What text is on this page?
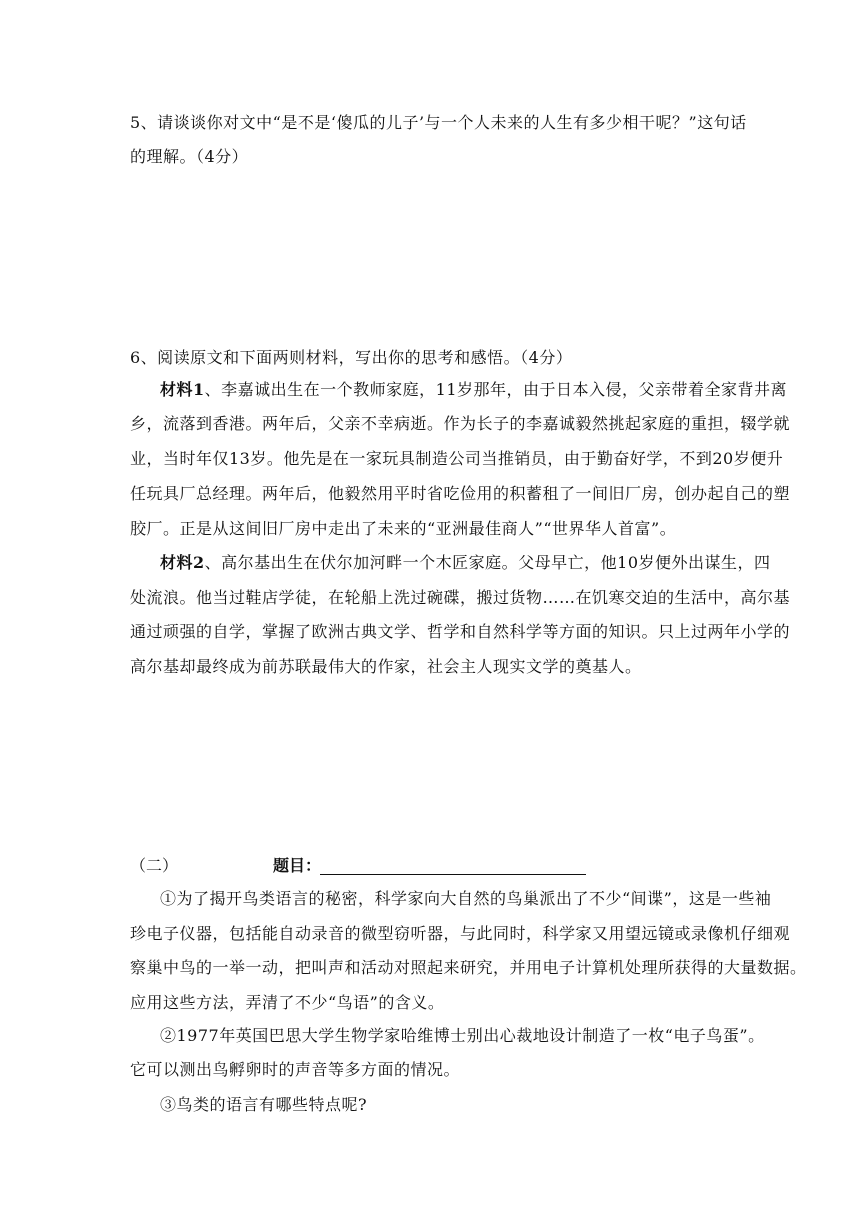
5、请谈谈你对文中“是不是‘傻瓜的儿子’与一个人未来的人生有多少相干呢？”这句话
的理解。（4分）
6、阅读原文和下面两则材料，写出你的思考和感悟。（4分）
材料1、李嘉诚出生在一个教师家庭，11岁那年，由于日本入侵，父亲带着全家背井离
乡，流落到香港。两年后，父亲不幸病逝。作为长子的李嘉诚毅然挑起家庭的重担，辍学就
业，当时年仅13岁。他先是在一家玩具制造公司当推销员，由于勤奋好学，不到20岁便升
任玩具厂总经理。两年后，他毅然用平时省吃俭用的积蓄租了一间旧厂房，创办起自己的塑
胶厂。正是从这间旧厂房中走出了未来的“亚洲最佳商人”“世界华人首富”。
材料2、高尔基出生在伏尔加河畔一个木匠家庭。父母早亡，他10岁便外出谋生，四
处流浪。他当过鞋店学徒，在轮船上洗过碗碟，搬过货物……在饥寒交迫的生活中，高尔基
通过顽强的自学，掌握了欧洲古典文学、哲学和自然科学等方面的知识。只上过两年小学的
高尔基却最终成为前苏联最伟大的作家，社会主人现实文学的奠基人。
（二）	题目：
①为了揭开鸟类语言的秘密，科学家向大自然的鸟巢派出了不少“间谍”，这是一些袖
珍电子仪器，包括能自动录音的微型窃听器，与此同时，科学家又用望远镜或录像机仔细观
察巢中鸟的一举一动，把叫声和活动对照起来研究，并用电子计算机处理所获得的大量数据。
应用这些方法，弄清了不少“鸟语”的含义。
②1977年英国巴思大学生物学家哈维博士别出心裁地设计制造了一枚“电子鸟蛋”。
它可以测出鸟孵卵时的声音等多方面的情况。
③鸟类的语言有哪些特点呢?
